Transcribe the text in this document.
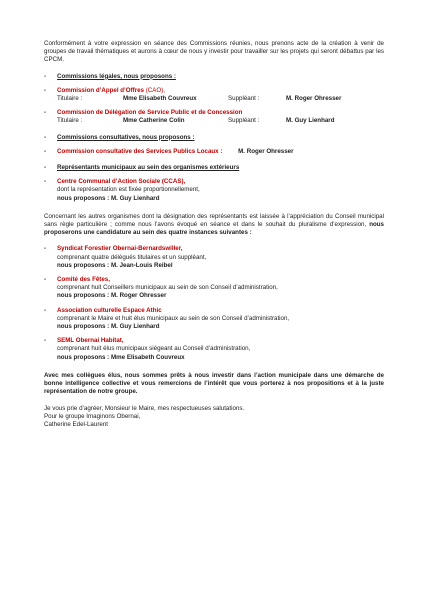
Conformément à votre expression en séance des Commissions réunies, nous prenons acte de la création à venir de groupes de travail thématiques et aurons à cœur de nous y investir pour travailler sur les projets qui seront débattus par les CPCM.

- Commissions légales, nous proposons :
- Commission d’Appel d’Offres (CAO),
Titulaire :	Mme Elisabeth Couvreux	Suppléant :	M. Roger Ohresser
- Commission de Délégation de Service Public et de Concession
Titulaire :	Mme Catherine Colin	Suppléant :	M. Guy Lienhard
- Commissions consultatives, nous proposons :
- Commission consultative des Services Publics Locaux :	M. Roger Ohresser
- Représentants municipaux au sein des organismes extérieurs
- Centre Communal d’Action Sociale (CCAS),

dont la représentation est fixée proportionnellement,

nous proposons : M. Guy Lienhard

Concernant les autres organismes dont la désignation des représentants est laissée à l’appréciation du Conseil municipal sans règle particulière ; comme nous l’avons évoqué en séance et dans le souhait du pluralisme d’expression, nous proposerons une candidature au sein des quatre instances suivantes :

- Syndicat Forestier Obernai-Bernardswiller,

comprenant quatre délégués titulaires et un suppléant,

nous proposons : M. Jean-Louis Reibel

- Comité des Fêtes,

comprenant huit Conseillers municipaux au sein de son Conseil d’administration,

nous proposons : M. Roger Ohresser

- Association culturelle Espace Athic

comprenant le Maire et huit élus municipaux au sein de son Conseil d’administration,

nous proposons : M. Guy Lienhard

- SEML Obernai Habitat,

comprenant huit élus municipaux siégeant au Conseil d’administration,

nous proposons : Mme Elisabeth Couvreux

Avec mes collègues élus, nous sommes prêts à nous investir dans l’action municipale dans une démarche de bonne intelligence collective et vous remercions de l’intérêt que vous porterez à nos propositions et à la juste représentation de notre groupe.

Je vous prie d’agréer, Monsieur le Maire, mes respectueuses salutations.

Pour le groupe Imaginons Obernai,

Catherine Edel-Laurent
